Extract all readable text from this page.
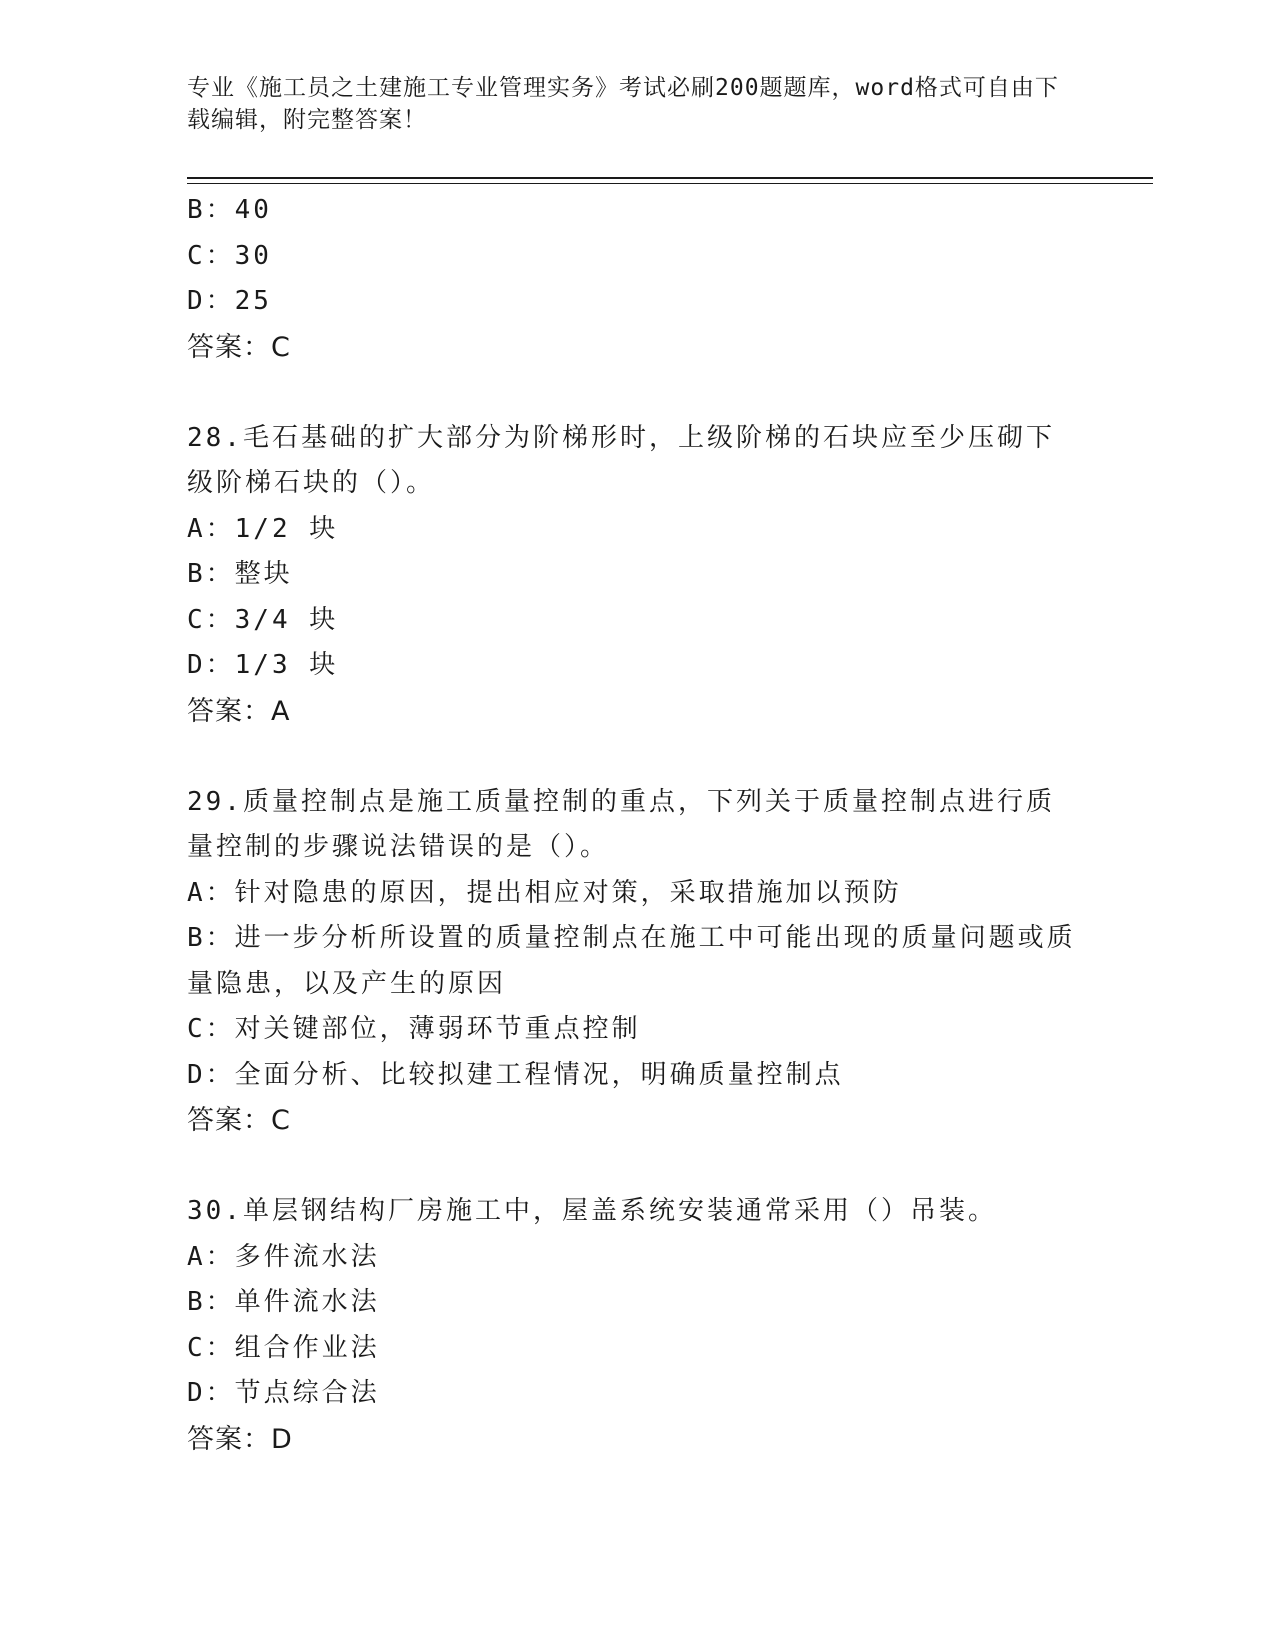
专业《施工员之土建施工专业管理实务》考试必刷200题题库，word格式可自由下载编辑，附完整答案！
B：40
C：30
D：25
答案：C
28.毛石基础的扩大部分为阶梯形时，上级阶梯的石块应至少压砌下级阶梯石块的（）。
A：1/2 块
B：整块
C：3/4 块
D：1/3 块
答案：A
29.质量控制点是施工质量控制的重点，下列关于质量控制点进行质量控制的步骤说法错误的是（）。
A：针对隐患的原因，提出相应对策，采取措施加以预防
B：进一步分析所设置的质量控制点在施工中可能出现的质量问题或质量隐患，以及产生的原因
C：对关键部位，薄弱环节重点控制
D：全面分析、比较拟建工程情况，明确质量控制点
答案：C
30.单层钢结构厂房施工中，屋盖系统安装通常采用（）吊装。
A：多件流水法
B：单件流水法
C：组合作业法
D：节点综合法
答案：D
